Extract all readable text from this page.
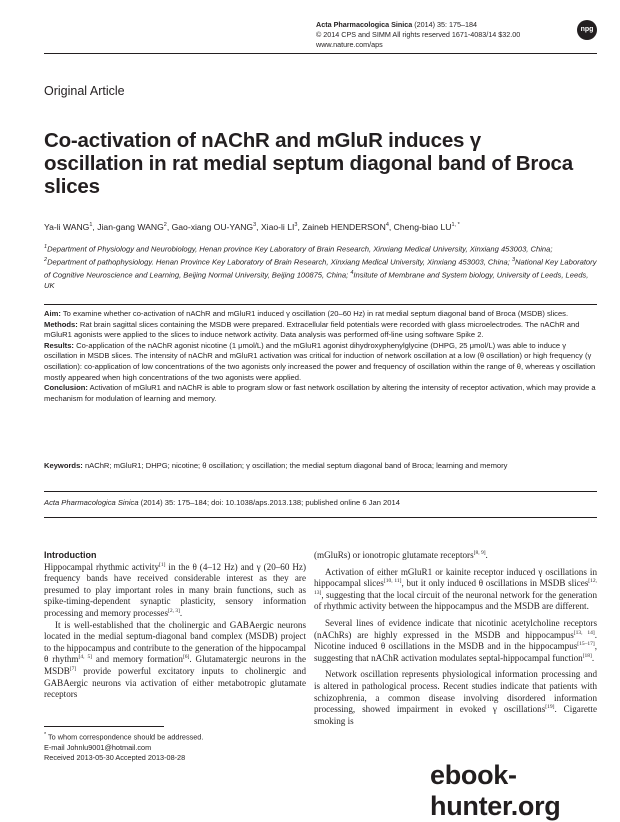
Acta Pharmacologica Sinica (2014) 35: 175–184
© 2014 CPS and SIMM All rights reserved 1671-4083/14 $32.00
www.nature.com/aps
npg
Original Article
Co-activation of nAChR and mGluR induces γ oscillation in rat medial septum diagonal band of Broca slices
Ya-li WANG$^1$, Jian-gang WANG$^2$, Gao-xiang OU-YANG$^3$, Xiao-li $LI^3$, Zaineb HENDERSON$^4$, Cheng-biao $LU^{1, *}$
$^1$Department of Physiology and Neurobiology, Henan province Key Laboratory of Brain Research, Xinxiang Medical University, Xinxiang 453003, China; $^2$Department of pathophysiology. Henan Province Key Laboratory of Brain Research, Xinxiang Medical University, Xinxiang 453003, China; $^3$National Key Laboratory of Cognitive Neuroscience and Learning, Beijing Normal University, Beijing 100875, China; $^4$Insitute of Membrane and System biology, University of Leeds, Leeds, UK

Aim: To examine whether co-activation of nAChR and mGluR1 induced γ oscillation (20–60 Hz) in rat medial septum diagonal band of Broca (MSDB) slices.

Methods: Rat brain sagittal slices containing the MSDB were prepared. Extracellular field potentials were recorded with glass microelectrodes. The nAChR and mGluR1 agonists were applied to the slices to induce network activity. Data analysis was performed off-line using software Spike 2.

Results: Co-application of the nAChR agonist nicotine (1 μmol/L) and the mGluR1 agonist dihydroxyphenylglycine (DHPG, 25 μmol/L) was able to induce γ oscillation in MSDB slices. The intensity of nAChR and mGluR1 activation was critical for induction of network oscillation at a low (θ oscillation) or high frequency (γ oscillation): co-application of low concentrations of the two agonists only increased the power and frequency of oscillation within the range of θ, whereas γ oscillation mostly appeared when high concentrations of the two agonists were applied.

Conclusion: Activation of mGluR1 and nAChR is able to program slow or fast network oscillation by altering the intensity of receptor activation, which may provide a mechanism for modulation of learning and memory.

Keywords: nAChR; mGluR1; DHPG; nicotine; θ oscillation; γ oscillation; the medial septum diagonal band of Broca; learning and memory
Acta Pharmacologica Sinica (2014) 35: 175–184; doi: 10.1038/aps.2013.138; published online 6 Jan 2014
Introduction

Hippocampal rhythmic activity[1] in the θ (4–12 Hz) and γ (20–60 Hz) frequency bands have received considerable interest as they are presumed to play important roles in many brain functions, such as spike-timing-dependent synaptic plasticity, sensory information processing and memory processes[2, 3].

It is well-established that the cholinergic and GABAergic neurons located in the medial septum-diagonal band complex (MSDB) project to the hippocampus and contribute to the generation of the hippocampal θ rhythm[4, 5] and memory formation[6]. Glutamatergic neurons in the MSDB[7] provide powerful excitatory inputs to cholinergic and GABAergic neurons via activation of either metabotropic glutamate receptors

(mGluRs) or ionotropic glutamate receptors[8, 9].

Activation of either mGluR1 or kainite receptor induced γ oscillations in hippocampal slices[10, 11], but it only induced θ oscillations in MSDB slices[12, 13], suggesting that the local circuit of the neuronal network for the generation of rhythmic activity between the hippocampus and the MSDB are different.

Several lines of evidence indicate that nicotinic acetylcholine receptors (nAChRs) are highly expressed in the MSDB and hippocampus[13, 14]. Nicotine induced θ oscillations in the MSDB and in the hippocampus[15–17], suggesting that nAChR activation modulates septal-hippocampal function[18].

Network oscillation represents physiological information processing and is altered in pathological process. Recent studies indicate that patients with schizophrenia, a common disease involving disordered information processing, showed impairment in evoked γ oscillations[19]. Cigarette smoking is

* To whom correspondence should be addressed.
E-mail Johnlu9001@hotmail.com
Received 2013-05-30 Accepted 2013-08-28
ebook-hunter.org
